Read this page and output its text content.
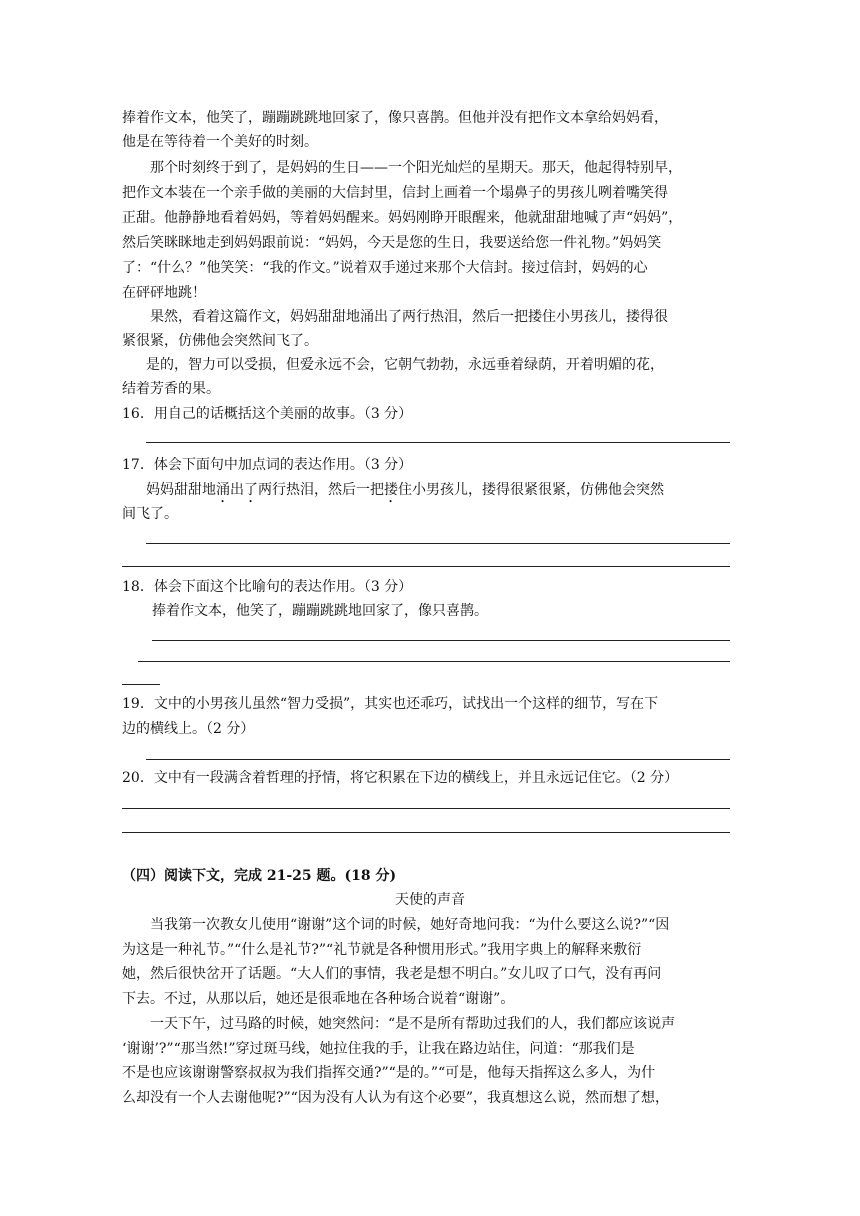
捧着作文本，他笑了，蹦蹦跳跳地回家了，像只喜鹊。但他并没有把作文本拿给妈妈看，
他是在等待着一个美好的时刻。
那个时刻终于到了，是妈妈的生日——一个阳光灿烂的星期天。那天，他起得特别早，
把作文本装在一个亲手做的美丽的大信封里，信封上画着一个塌鼻子的男孩儿咧着嘴笑得
正甜。他静静地看着妈妈，等着妈妈醒来。妈妈刚睁开眼醒来，他就甜甜地喊了声“妈妈”，
然后笑眯眯地走到妈妈跟前说：“妈妈，今天是您的生日，我要送给您一件礼物。”妈妈笑
了：“什么？”他笑笑：“我的作文。”说着双手递过来那个大信封。接过信封，妈妈的心
在砰砰地跳！
果然，看着这篇作文，妈妈甜甜地涌出了两行热泪，然后一把搂住小男孩儿，搂得很
紧很紧，仿佛他会突然间飞了。
是的，智力可以受损，但爱永远不会，它朝气勃勃，永远垂着绿荫，开着明媚的花，
结着芳香的果。
16．用自己的话概括这个美丽的故事。（3 分）
17．体会下面句中加点词的表达作用。（3 分）
妈妈甜甜地涌出了两行热泪，然后一把搂住小男孩儿，搂得很紧很紧，仿佛他会突然
间飞了。
18．体会下面这个比喻句的表达作用。（3 分）
捧着作文本，他笑了，蹦蹦跳跳地回家了，像只喜鹊。
19．文中的小男孩儿虽然“智力受损”，其实也还乖巧，试找出一个这样的细节，写在下
边的横线上。（2 分）
20．文中有一段满含着哲理的抒情，将它积累在下边的横线上，并且永远记住它。（2 分）
（四）阅读下文，完成 21-25 题。(18 分)
天使的声音
当我第一次教女儿使用“谢谢”这个词的时候，她好奇地问我：“为什么要这么说?”“因
为这是一种礼节。”“什么是礼节?”“礼节就是各种惯用形式。”我用字典上的解释来敷衍
她，然后很快岔开了话题。“大人们的事情，我老是想不明白。”女儿叹了口气，没有再问
下去。不过，从那以后，她还是很乖地在各种场合说着“谢谢”。
一天下午，过马路的时候，她突然问：“是不是所有帮助过我们的人，我们都应该说声
‘谢谢’?”“那当然!”穿过斑马线，她拉住我的手，让我在路边站住，问道：“那我们是
不是也应该谢谢警察叔叔为我们指挥交通?”“是的。”“可是，他每天指挥这么多人，为什
么却没有一个人去谢他呢?”“因为没有人认为有这个必要”，我真想这么说，然而想了想，
